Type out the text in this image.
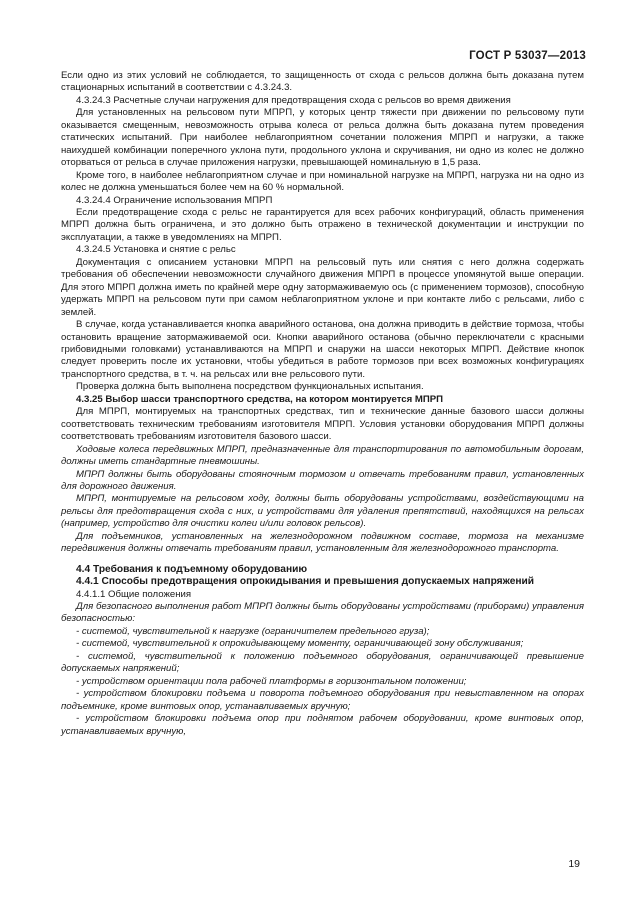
ГОСТ Р 53037—2013

Если одно из этих условий не соблюдается, то защищенность от схода с рельсов должна быть доказана путем стационарных испытаний в соответствии с 4.3.24.3.

4.3.24.3 Расчетные случаи нагружения для предотвращения схода с рельсов во время движения

Для установленных на рельсовом пути МПРП, у которых центр тяжести при движении по рельсовому пути оказывается смещенным, невозможность отрыва колеса от рельса должна быть доказана путем проведения статических испытаний. При наиболее неблагоприятном сочетании положения МПРП и нагрузки, а также наихудшей комбинации поперечного уклона пути, продольного уклона и скручивания, ни одно из колес не должно оторваться от рельса в случае приложения нагрузки, превышающей номинальную в 1,5 раза.

Кроме того, в наиболее неблагоприятном случае и при номинальной нагрузке на МПРП, нагрузка ни на одно из колес не должна уменьшаться более чем на 60 % нормальной.

4.3.24.4 Ограничение использования МПРП

Если предотвращение схода с рельс не гарантируется для всех рабочих конфигураций, область применения МПРП должна быть ограничена, и это должно быть отражено в технической документации и инструкции по эксплуатации, а также в уведомлениях на МПРП.

4.3.24.5 Установка и снятие с рельс

Документация с описанием установки МПРП на рельсовый путь или снятия с него должна содержать требования об обеспечении невозможности случайного движения МПРП в процессе упомянутой выше операции. Для этого МПРП должна иметь по крайней мере одну затормаживаемую ось (с применением тормозов), способную удержать МПРП на рельсовом пути при самом неблагоприятном уклоне и при контакте либо с рельсами, либо с землей.

В случае, когда устанавливается кнопка аварийного останова, она должна приводить в действие тормоза, чтобы остановить вращение затормаживаемой оси. Кнопки аварийного останова (обычно переключатели с красными грибовидными головками) устанавливаются на МПРП и снаружи на шасси некоторых МПРП. Действие кнопок следует проверить после их установки, чтобы убедиться в работе тормозов при всех возможных конфигурациях транспортного средства, в т. ч. на рельсах или вне рельсового пути.

Проверка должна быть выполнена посредством функциональных испытания.

4.3.25 Выбор шасси транспортного средства, на котором монтируется МПРП

Для МПРП, монтируемых на транспортных средствах, тип и технические данные базового шасси должны соответствовать техническим требованиям изготовителя МПРП. Условия установки оборудования МПРП должны соответствовать требованиям изготовителя базового шасси.

Ходовые колеса передвижных МПРП, предназначенные для транспортирования по автомобильным дорогам, должны иметь стандартные пневмошины.

МПРП должны быть оборудованы стояночным тормозом и отвечать требованиям правил, установленных для дорожного движения.

МПРП, монтируемые на рельсовом ходу, должны быть оборудованы устройствами, воздействующими на рельсы для предотвращения схода с них, и устройствами для удаления препятствий, находящихся на рельсах (например, устройство для очистки колеи и/или головок рельсов).

Для подъемников, установленных на железнодорожном подвижном составе, тормоза на механизме передвижения должны отвечать требованиям правил, установленным для железнодорожного транспорта.

4.4 Требования к подъемному оборудованию

4.4.1 Способы предотвращения опрокидывания и превышения допускаемых напряжений

4.4.1.1 Общие положения

Для безопасного выполнения работ МПРП должны быть оборудованы устройствами (приборами) управления безопасностью:

- системой, чувствительной к нагрузке (ограничителем предельного груза);

- системой, чувствительной к опрокидывающему моменту, ограничивающей зону обслуживания;

- системой, чувствительной к положению подъемного оборудования, ограничивающей превышение допускаемых напряжений;

- устройством ориентации пола рабочей платформы в горизонтальном положении;

- устройством блокировки подъема и поворота подъемного оборудования при невыставленном на опорах подъемнике, кроме винтовых опор, устанавливаемых вручную;

- устройством блокировки подъема опор при поднятом рабочем оборудовании, кроме винтовых опор, устанавливаемых вручную,

19
